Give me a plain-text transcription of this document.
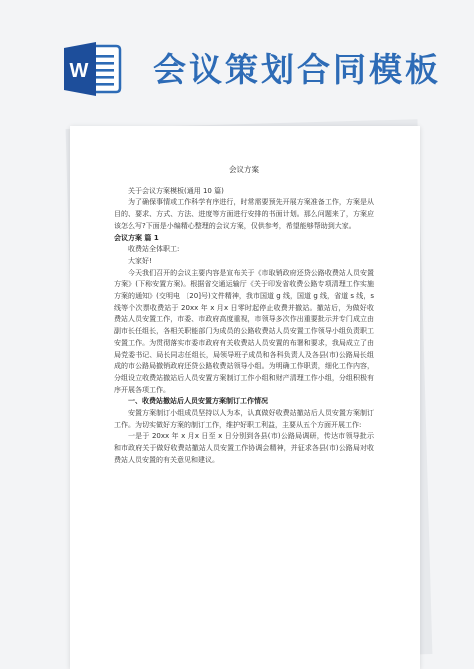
W 会议策划合同模板

会议方案

关于会议方案模板(通用 10 篇)

为了确保事情或工作科学有序进行，时常需要预先开展方案准备工作，方案是从目的、要求、方式、方法、进度等方面进行安排的书面计划。那么问题来了，方案应该怎么写?下面是小编精心整理的会议方案，仅供参考，希望能够帮助到大家。

会议方案 篇 1

收费站全体职工:

大家好!

今天我们召开的会议主要内容是宣布关于《市取销政府还贷公路收费站人员安置方案》(下称安置方案)。根据省交通运输厅《关于印发省收费公路专项清理工作实施方案的通知》(交明电 〔20]号)文件精神，我市国道 g 线，国道 g 线，省道 s 线，s 线等个次票收费站于 20xx 年 x 月x 日零时起停止收费并撤站。撤站后，为做好收费站人员安置工作，市委、市政府高度重视，市领导多次作出重要批示并专门成立由副市长任组长，各相关职能部门为成员的公路收费站人员安置工作领导小组负责职工安置工作。为贯彻落实市委市政府有关收费站人员安置的布署和要求，我局成立了由局党委书记、局长同志任组长，局领导班子成员和各科负责人及各县(市)公路局长组成的市公路局撤销政府还贷公路收费站领导小组。为明确工作职责，细化工作内容，分组设立收费站撤站后人员安置方案制订工作小组和财产清理工作小组，分组积极有序开展各项工作。

一、收费站撤站后人员安置方案制订工作情况

安置方案制订小组成员坚持以人为本，认真做好收费站撤站后人员安置方案制订工作。为切实做好方案的制订工作，维护好职工利益，主要从五个方面开展工作:

一是于 20xx 年 x 月x 日至 x 日分别到各县(市)公路局调研，传达市领导批示和市政府关于做好收费站撤站人员安置工作协调会精神，并征求各县(市)公路局对收费站人员安置的有关意见和建议。
